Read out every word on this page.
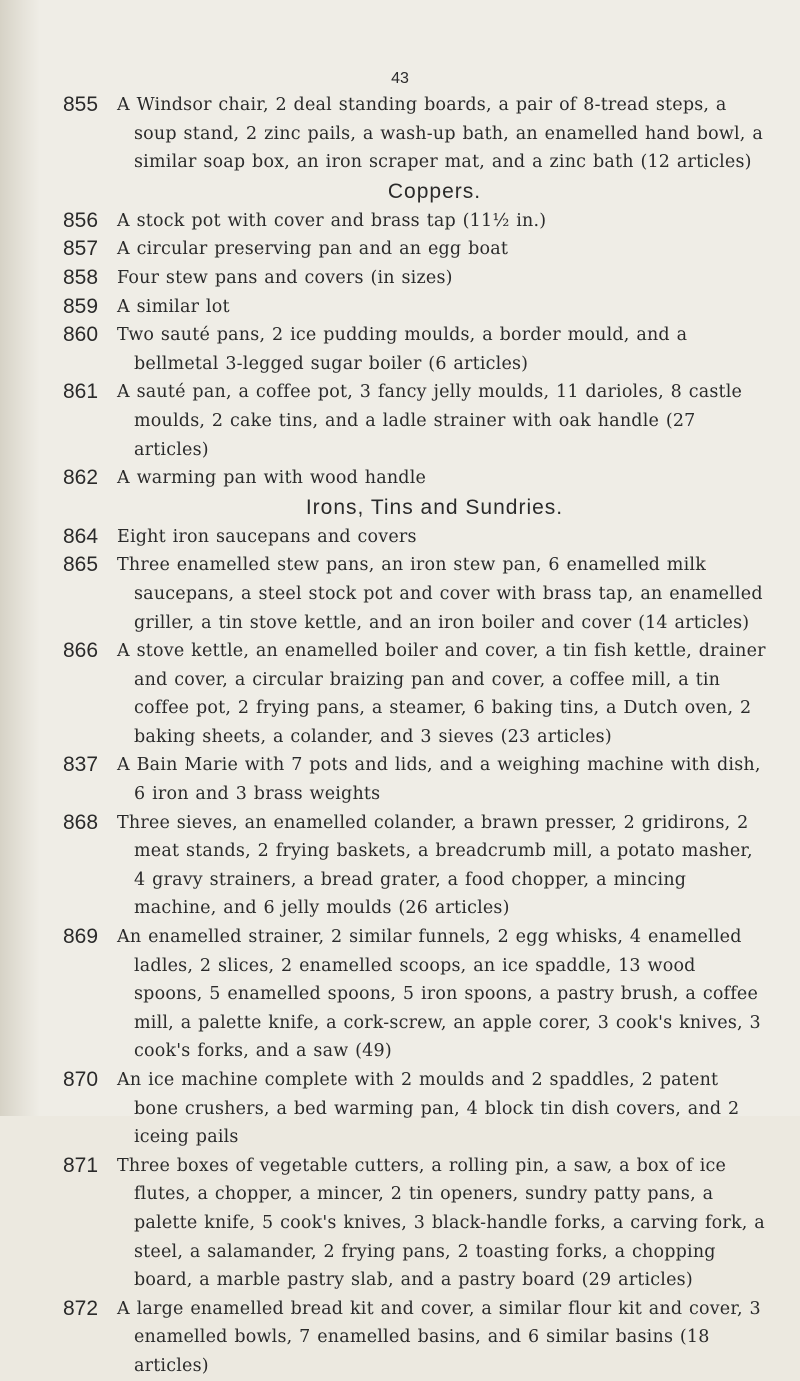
43
855 A Windsor chair, 2 deal standing boards, a pair of 8-tread steps, a soup stand, 2 zinc pails, a wash-up bath, an enamelled hand bowl, a similar soap box, an iron scraper mat, and a zinc bath (12 articles)
Coppers.
856 A stock pot with cover and brass tap (11½ in.)
857 A circular preserving pan and an egg boat
858 Four stew pans and covers (in sizes)
859 A similar lot
860 Two sauté pans, 2 ice pudding moulds, a border mould, and a bellmetal 3-legged sugar boiler (6 articles)
861 A sauté pan, a coffee pot, 3 fancy jelly moulds, 11 darioles, 8 castle moulds, 2 cake tins, and a ladle strainer with oak handle (27 articles)
862 A warming pan with wood handle
Irons, Tins and Sundries.
864 Eight iron saucepans and covers
865 Three enamelled stew pans, an iron stew pan, 6 enamelled milk saucepans, a steel stock pot and cover with brass tap, an enamelled griller, a tin stove kettle, and an iron boiler and cover (14 articles)
866 A stove kettle, an enamelled boiler and cover, a tin fish kettle, drainer and cover, a circular braizing pan and cover, a coffee mill, a tin coffee pot, 2 frying pans, a steamer, 6 baking tins, a Dutch oven, 2 baking sheets, a colander, and 3 sieves (23 articles)
837 A Bain Marie with 7 pots and lids, and a weighing machine with dish, 6 iron and 3 brass weights
868 Three sieves, an enamelled colander, a brawn presser, 2 gridirons, 2 meat stands, 2 frying baskets, a breadcrumb mill, a potato masher, 4 gravy strainers, a bread grater, a food chopper, a mincing machine, and 6 jelly moulds (26 articles)
869 An enamelled strainer, 2 similar funnels, 2 egg whisks, 4 enamelled ladles, 2 slices, 2 enamelled scoops, an ice spaddle, 13 wood spoons, 5 enamelled spoons, 5 iron spoons, a pastry brush, a coffee mill, a palette knife, a cork-screw, an apple corer, 3 cook's knives, 3 cook's forks, and a saw (49)
870 An ice machine complete with 2 moulds and 2 spaddles, 2 patent bone crushers, a bed warming pan, 4 block tin dish covers, and 2 iceing pails
871 Three boxes of vegetable cutters, a rolling pin, a saw, a box of ice flutes, a chopper, a mincer, 2 tin openers, sundry patty pans, a palette knife, 5 cook's knives, 3 black-handle forks, a carving fork, a steel, a salamander, 2 frying pans, 2 toasting forks, a chopping board, a marble pastry slab, and a pastry board (29 articles)
872 A large enamelled bread kit and cover, a similar flour kit and cover, 3 enamelled bowls, 7 enamelled basins, and 6 similar basins (18 articles)
